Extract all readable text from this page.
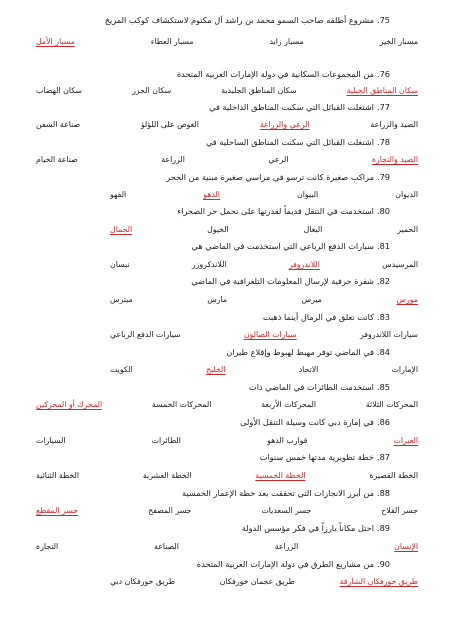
75.مشروع أطلقه صاحب السمو محمد بن راشد آل مكتوم لاستكشاف كوكب المريخ
مسبار الخير
مسبار زايد
مسبار العطاء
مسبار الأمل
76.من المجموعات السكانية في دولة الإمارات العربية المتحدة
سكان المناطق الجبلية
سكان المناطق الجليدية
سكان الجزر
سكان الهضاب
77.اشتغلت القبائل التي سكنت المناطق الداخلية في
الصيد والزراعة
الرعي والزراعة
الغوص على اللؤلؤ
صناعة السفن
78.اشتغلت القبائل التي سكنت المناطق الساحلية في
الصيد والتجارة
الرعي
الزراعة
صناعة الخيام
79.مراكب صغيرة كانت ترسو في مراسي صغيرة مبنية من الحجر
الديوان
البيوان
الدهو
الفهو
80.استخدمت في التنقل قديماً لقدرتها على تحمل حر الصحراء
الحمير
البغال
الخيول
الجمال
81.سيارات الدفع الرباعي التي استخدمت في الماضي هي
المرسيدس
اللاندروفر
اللاندكروزر
نيسان
82.شفرة حرفية لإرسال المعلومات التلغرافية في الماضي
مورس
ميرس
مارس
ميترس
83.كانت تعلق في الرمال أينما ذهبت
سيارات اللاندروفر
سيارات الصالون
سيارات الدفع الرباعي
84.في الماضي توفر مهبط لهبوط وإقلاع طيران
الإمارات
الاتحاد
الخليج
الكويت
85.استخدمت الطائرات في الماضي ذات
المحركات الثلاثة
المحركات الأربعة
المحركات الخمسة
المحرك أو المحركين
86.في إمارة دبي كانت وسيلة التنقل الأولى
العبرات
قوارب الدهو
الطائرات
السيارات
87.خطة تطويرية مدتها خمس سنوات
الخطة القصيرة
الخطة الخمسية
الخطة العشرية
الخطة الثنائية
88.من أبرز الانجازات التي تحققت بعد خطة الإعمار الخمسية
جسر الفلاح
جسر السعديات
جسر المصفح
جسر المقطع
89.احتل مكاناً بارزاً في فكر مؤسس الدولة
الإنسان
الزراعة
الصناعة
التجارة
90.من مشاريع الطرق في دولة الإمارات العربية المتحدة
طريق خورفكان الشارقة
طريق عجمان خورفكان
طريق خورفكان دبي
